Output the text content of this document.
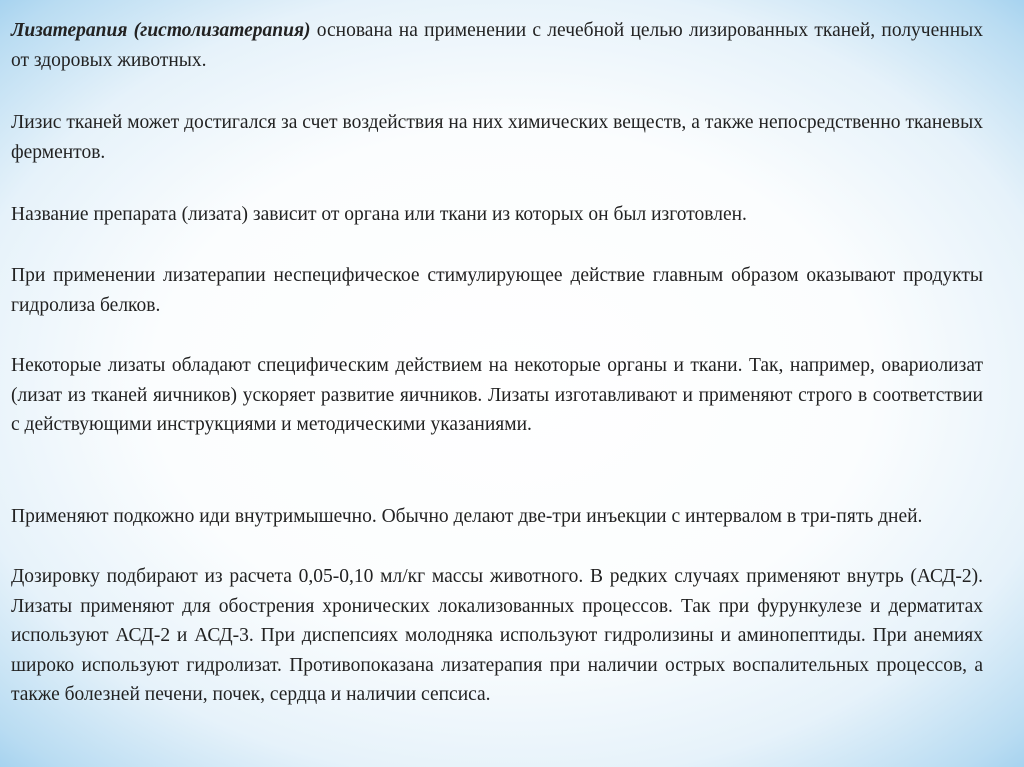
Лизатерапия (гистолизатерапия) основана на применении с лечебной целью лизированных тканей, полученных от здоровых животных.

Лизис тканей может достигался за счет воздействия на них химических веществ, а также непосредственно тканевых ферментов.

Название препарата (лизата) зависит от органа или ткани из которых он был изготовлен.

При применении лизатерапии неспецифическое стимулирующее действие главным образом оказывают продукты гидролиза белков.

Некоторые лизаты обладают специфическим действием на некоторые органы и ткани. Так, например, овариолизат (лизат из тканей яичников) ускоряет развитие яичников. Лизаты изготавливают и применяют строго в соответствии с действующими инструкциями и методическими указаниями.

Применяют подкожно иди внутримышечно. Обычно делают две-три инъекции с интервалом в три-пять дней.

Дозировку подбирают из расчета 0,05-0,10 мл/кг массы животного. В редких случаях применяют внутрь (АСД-2). Лизаты применяют для обострения хронических локализованных процессов. Так при фурункулезе и дерматитах используют АСД-2 и АСД-3. При диспепсиях молодняка используют гидролизины и аминопептиды. При анемиях широко используют гидролизат. Противопоказана лизатерапия при наличии острых воспалительных процессов, а также болезней печени, почек, сердца и наличии сепсиса.
